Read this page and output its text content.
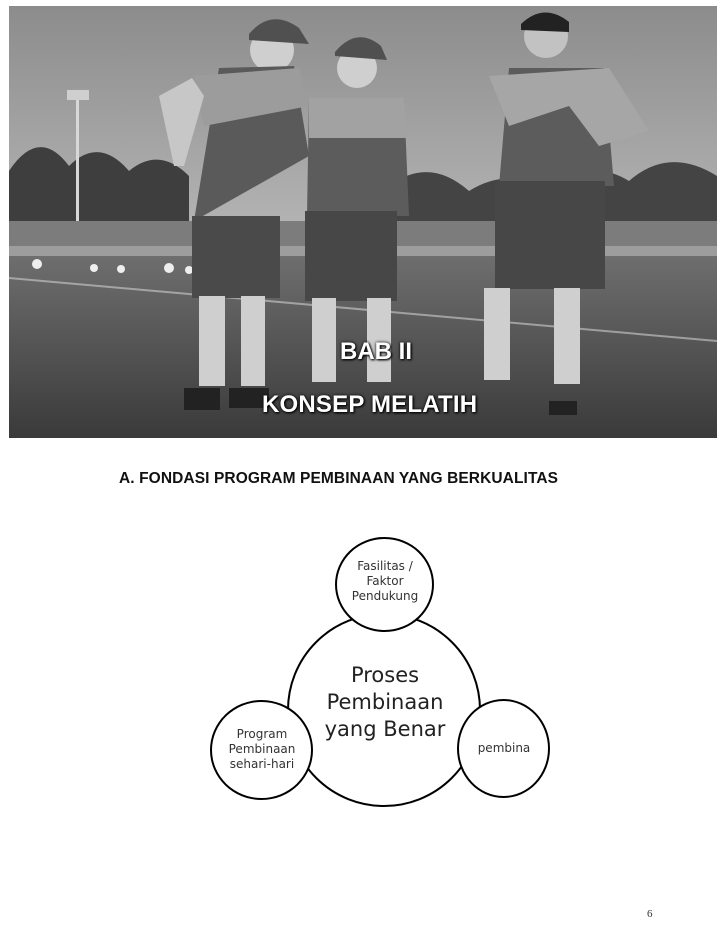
BAB II
KONSEP MELATIH
A. FONDASI PROGRAM PEMBINAAN YANG BERKUALITAS
Proses
Pembinaan
yang Benar
Fasilitas /
Faktor
Pendukung
Program
Pembinaan
sehari-hari
pembina
6
